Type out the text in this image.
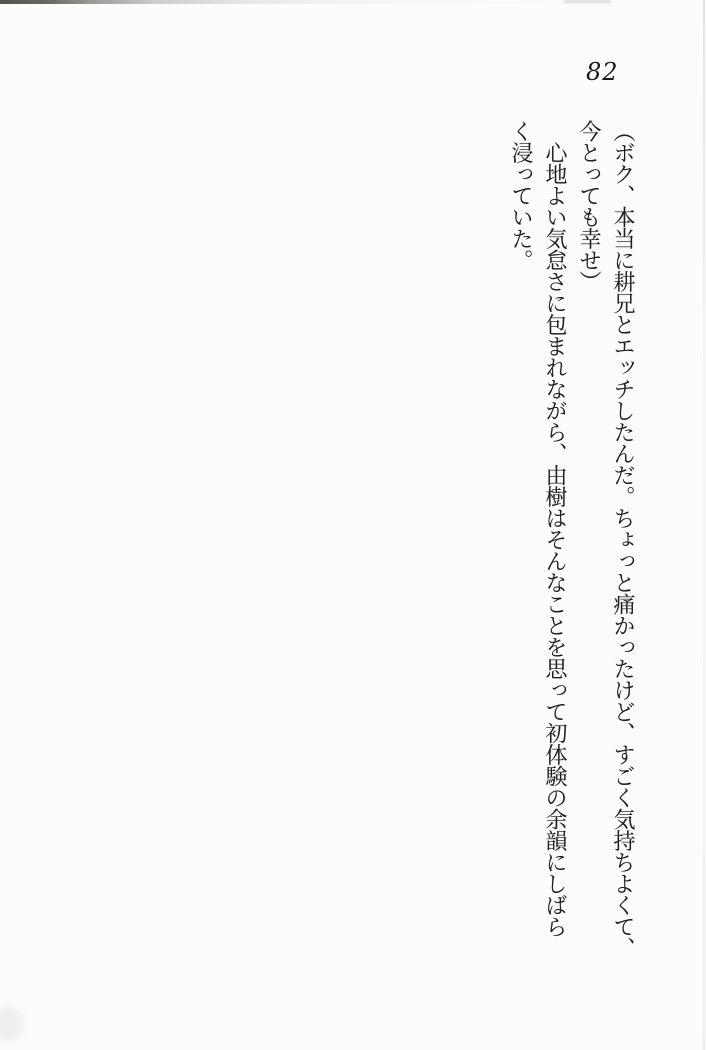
82

（ボク、本当に耕兄とエッチしたんだ。ちょっと痛かったけど、すごく気持ちよくて、

今とっても幸せ）

　心地よい気怠さに包まれながら、由樹はそんなことを思って初体験の余韻にしばら

く浸っていた。
